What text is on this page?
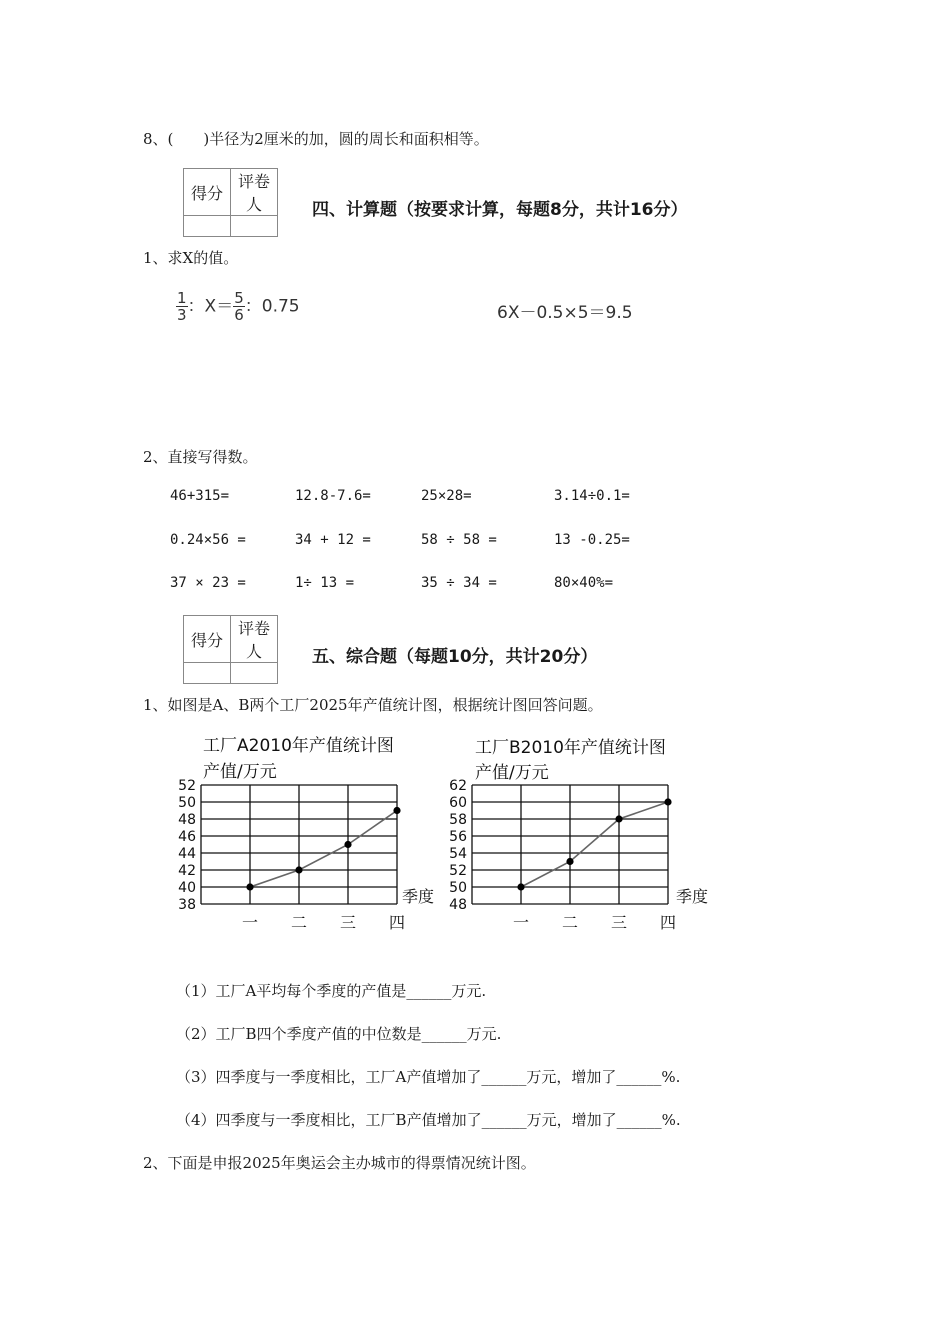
8、(　　)半径为2厘米的加，圆的周长和面积相等。
得分	评卷人
		四、计算题（按要求计算，每题8分，共计16分）
1、求X的值。
$\frac{1}{3}$ ：$X= \frac{5}{6}$ ：0.75	6X－0.5×5＝9.5
2、直接写得数。
46+315=	12.8-7.6=	25×28=	3.14÷0.1=
0.24×56 =	34 + 12 =	58 ÷ 58 =	13 -0.25=
37 × 23 =	1÷ 13 =	35 ÷ 34 =	80×40%=
得分	评卷人
		五、综合题（每题10分，共计20分）
1、如图是A、B两个工厂2025年产值统计图，根据统计图回答问题。
工厂A2010年产值统计图
产值/万元
52
50
48
46
44
42
40
38
一 二 三 四
季度
工厂B2010年产值统计图
产值/万元
62
60
58
56
54
52
50
48
一 二 三 四
季度
（1）工厂A平均每个季度的产值是______万元.
（2）工厂B四个季度产值的中位数是______万元.
（3）四季度与一季度相比，工厂A产值增加了______万元，增加了______%.
（4）四季度与一季度相比，工厂B产值增加了______万元，增加了______%.
2、下面是申报2025年奥运会主办城市的得票情况统计图。
